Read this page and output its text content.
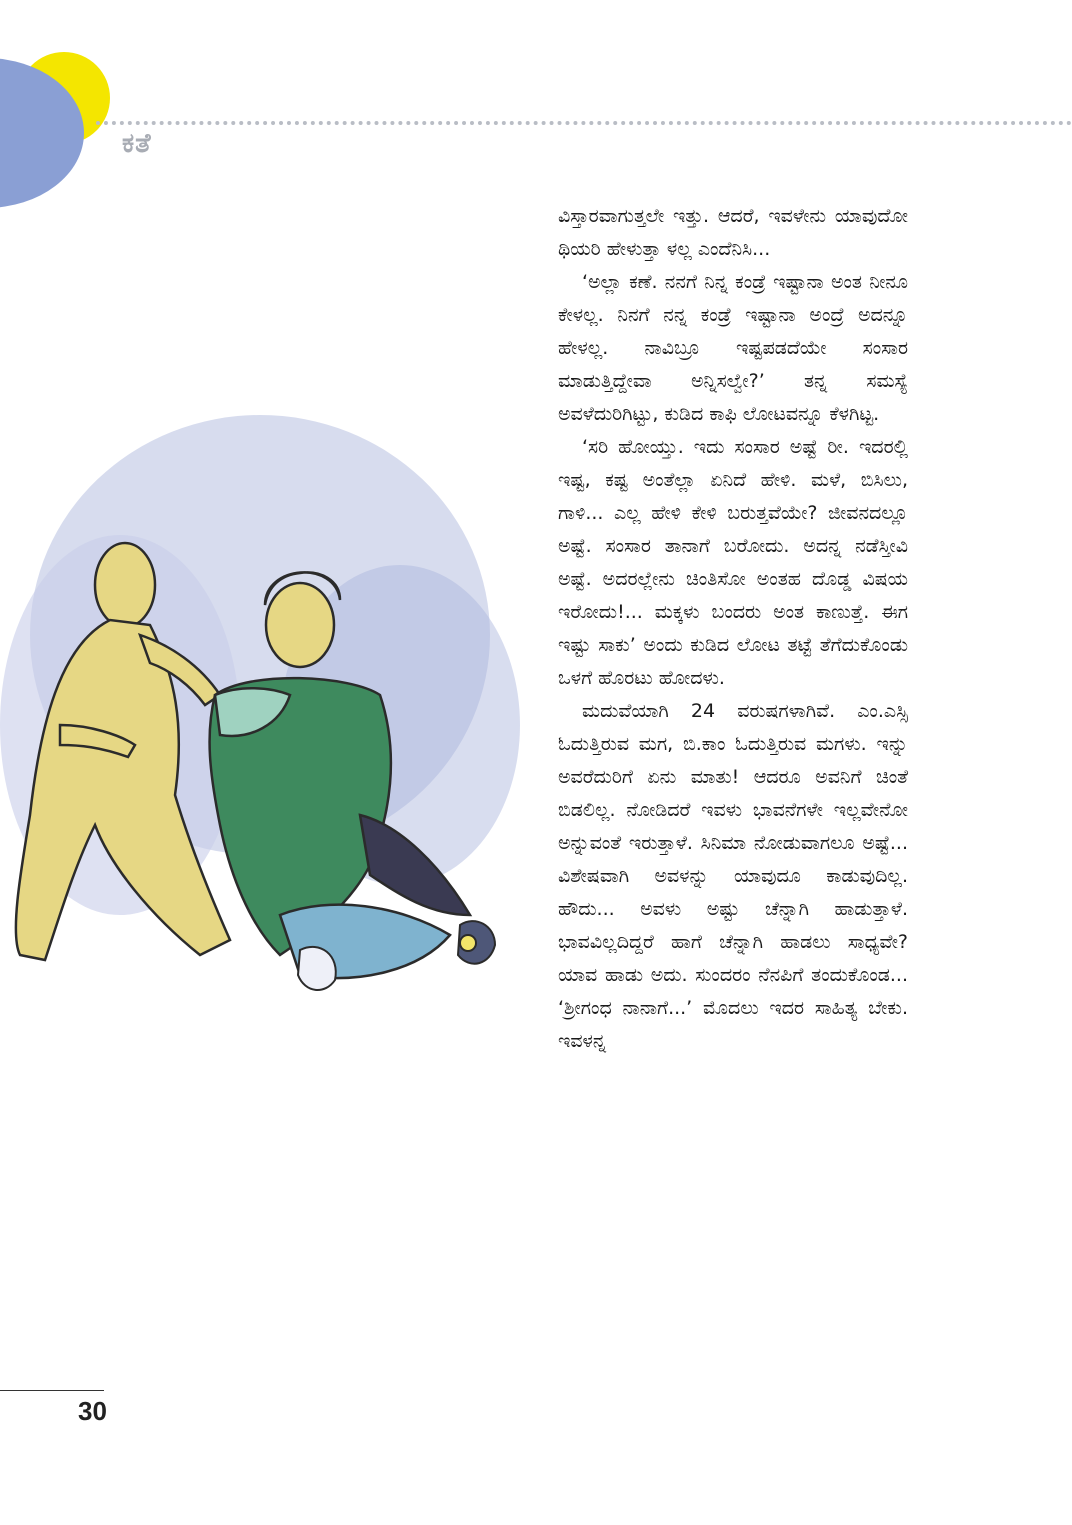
ಕತೆ

ವಿಸ್ತಾರವಾಗುತ್ತಲೇ ಇತ್ತು. ಆದರೆ, ಇವಳೇನು ಯಾವುದೋ ಥಿಯರಿ ಹೇಳುತ್ತಾ ಳಲ್ಲ ಎಂದೆನಿಸಿ...

‘ಅಲ್ಲಾ ಕಣೆ. ನನಗೆ ನಿನ್ನ ಕಂಡ್ರೆ ಇಷ್ಟಾನಾ ಅಂತ ನೀನೂ ಕೇಳಲ್ಲ. ನಿನಗೆ ನನ್ನ ಕಂಡ್ರೆ ಇಷ್ಟಾನಾ ಅಂದ್ರೆ ಅದನ್ನೂ ಹೇಳಲ್ಲ. ನಾವಿಬ್ರೂ ಇಷ್ಟಪಡದೆಯೇ ಸಂಸಾರ ಮಾಡುತ್ತಿದ್ದೇವಾ ಅನ್ನಿಸಲ್ವೇ?’ ತನ್ನ ಸಮಸ್ಯೆ ಅವಳೆದುರಿಗಿಟ್ಟು, ಕುಡಿದ ಕಾಫಿ ಲೋಟವನ್ನೂ ಕೆಳಗಿಟ್ಟ.

‘ಸರಿ ಹೋಯ್ತು. ಇದು ಸಂಸಾರ ಅಷ್ಟೆ ರೀ. ಇದರಲ್ಲಿ ಇಷ್ಟ, ಕಷ್ಟ ಅಂತೆಲ್ಲಾ ಏನಿದೆ ಹೇಳಿ. ಮಳೆ, ಬಿಸಿಲು, ಗಾಳಿ... ಎಲ್ಲ ಹೇಳಿ ಕೇಳಿ ಬರುತ್ತವೆಯೇ? ಜೀವನದಲ್ಲೂ ಅಷ್ಟೆ. ಸಂಸಾರ ತಾನಾಗೆ ಬರೋದು. ಅದನ್ನ ನಡೆಸ್ತೀವಿ ಅಷ್ಟೆ. ಅದರಲ್ಲೇನು ಚಿಂತಿಸೋ ಅಂತಹ ದೊಡ್ಡ ವಿಷಯ ಇರೋದು!... ಮಕ್ಕಳು ಬಂದರು ಅಂತ ಕಾಣುತ್ತೆ. ಈಗ ಇಷ್ಟು ಸಾಕು’ ಅಂದು ಕುಡಿದ ಲೋಟ ತಟ್ಟೆ ತೆಗೆದುಕೊಂಡು ಒಳಗೆ ಹೊರಟು ಹೋದಳು.

ಮದುವೆಯಾಗಿ 24 ವರುಷಗಳಾಗಿವೆ. ಎಂ.ಎಸ್ಸಿ ಓದುತ್ತಿರುವ ಮಗ, ಬಿ.ಕಾಂ ಓದುತ್ತಿರುವ ಮಗಳು. ಇನ್ನು ಅವರೆದುರಿಗೆ ಏನು ಮಾತು! ಆದರೂ ಅವನಿಗೆ ಚಿಂತೆ ಬಿಡಲಿಲ್ಲ. ನೋಡಿದರೆ ಇವಳು ಭಾವನೆಗಳೇ ಇಲ್ಲವೇನೋ ಅನ್ನುವಂತೆ ಇರುತ್ತಾಳೆ. ಸಿನಿಮಾ ನೋಡುವಾಗಲೂ ಅಷ್ಟೆ... ವಿಶೇಷವಾಗಿ ಅವಳನ್ನು ಯಾವುದೂ ಕಾಡುವುದಿಲ್ಲ. ಹೌದು... ಅವಳು ಅಷ್ಟು ಚೆನ್ನಾಗಿ ಹಾಡುತ್ತಾಳೆ. ಭಾವವಿಲ್ಲದಿದ್ದರೆ ಹಾಗೆ ಚೆನ್ನಾಗಿ ಹಾಡಲು ಸಾಧ್ಯವೇ? ಯಾವ ಹಾಡು ಅದು. ಸುಂದರಂ ನೆನಪಿಗೆ ತಂದುಕೊಂಡ... ‘ಶ್ರೀಗಂಧ ನಾನಾಗೆ...’ ಮೊದಲು ಇದರ ಸಾಹಿತ್ಯ ಬೇಕು. ಇವಳನ್ನ

30
